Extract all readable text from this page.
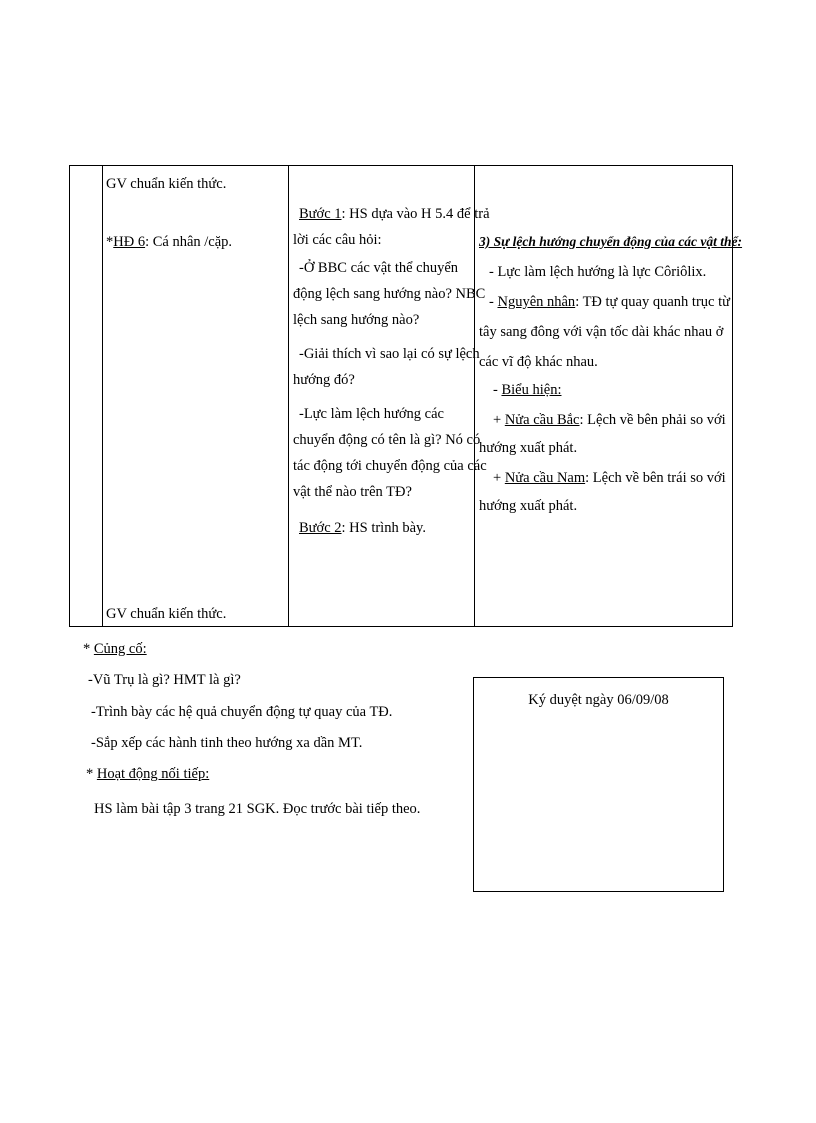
GV chuẩn kiến thức.
*HĐ 6: Cá nhân /cặp.
GV chuẩn kiến thức.
Bước 1: HS dựa vào H 5.4 để trả
lời các câu hỏi:
-Ở BBC các vật thể chuyển
động lệch sang hướng nào? NBC
lệch sang hướng nào?
-Giải thích vì sao lại có sự lệch
hướng đó?
-Lực làm lệch hướng các
chuyển động có tên là gì? Nó có
tác động tới chuyển động của các
vật thể nào trên TĐ?
Bước 2: HS trình bày.
3) Sự lệch hướng chuyển động của các vật thể:
- Lực làm lệch hướng là lực Côriôlix.
- Nguyên nhân: TĐ tự quay quanh trục từ
tây sang đông với vận tốc dài khác nhau ở
các vĩ độ khác nhau.
- Biểu hiện:
+ Nửa cầu Bắc: Lệch về bên phải so với
hướng xuất phát.
+ Nửa cầu Nam: Lệch về bên trái so với
hướng xuất phát.
* Củng cố:
-Vũ Trụ là gì? HMT là gì?
-Trình bày các hệ quả chuyển động tự quay của TĐ.
-Sắp xếp các hành tinh theo hướng xa dần MT.
* Hoạt động nối tiếp:
HS làm bài tập 3 trang 21 SGK. Đọc trước bài tiếp theo.
Ký duyệt ngày 06/09/08
